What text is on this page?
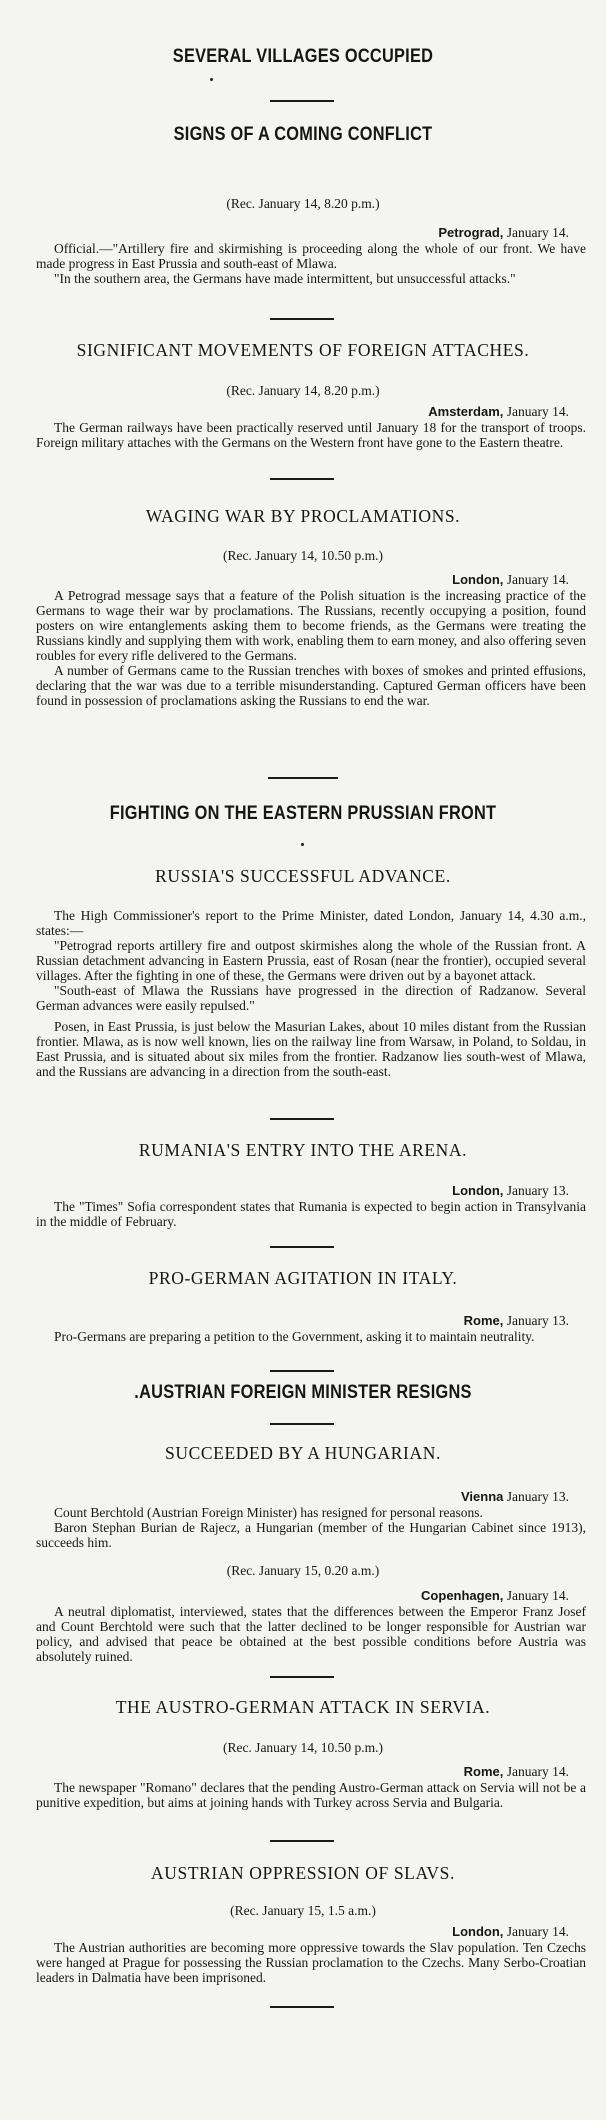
SEVERAL VILLAGES OCCUPIED
SIGNS OF A COMING CONFLICT
(Rec. January 14, 8.20 p.m.)
Petrograd, January 14.

Official.—"Artillery fire and skirmishing is proceeding along the whole of our front. We have made progress in East Prussia and south-east of Mlawa.

"In the southern area, the Germans have made intermittent, but unsuccessful attacks."

SIGNIFICANT MOVEMENTS OF FOREIGN ATTACHES.
(Rec. January 14, 8.20 p.m.)
Amsterdam, January 14.

The German railways have been practically reserved until January 18 for the transport of troops. Foreign military attaches with the Germans on the Western front have gone to the Eastern theatre.

WAGING WAR BY PROCLAMATIONS.
(Rec. January 14, 10.50 p.m.)
London, January 14.

A Petrograd message says that a feature of the Polish situation is the increasing practice of the Germans to wage their war by proclamations. The Russians, recently occupying a position, found posters on wire entanglements asking them to become friends, as the Germans were treating the Russians kindly and supplying them with work, enabling them to earn money, and also offering seven roubles for every rifle delivered to the Germans.

A number of Germans came to the Russian trenches with boxes of smokes and printed effusions, declaring that the war was due to a terrible misunderstanding. Captured German officers have been found in possession of proclamations asking the Russians to end the war.

FIGHTING ON THE EASTERN PRUSSIAN FRONT
RUSSIA'S SUCCESSFUL ADVANCE.

The High Commissioner's report to the Prime Minister, dated London, January 14, 4.30 a.m., states:—

"Petrograd reports artillery fire and outpost skirmishes along the whole of the Russian front. A Russian detachment advancing in Eastern Prussia, east of Rosan (near the frontier), occupied several villages. After the fighting in one of these, the Germans were driven out by a bayonet attack.

"South-east of Mlawa the Russians have progressed in the direction of Radzanow. Several German advances were easily repulsed."

Posen, in East Prussia, is just below the Masurian Lakes, about 10 miles distant from the Russian frontier. Mlawa, as is now well known, lies on the railway line from Warsaw, in Poland, to Soldau, in East Prussia, and is situated about six miles from the frontier. Radzanow lies south-west of Mlawa, and the Russians are advancing in a direction from the south-east.

RUMANIA'S ENTRY INTO THE ARENA.
London, January 13.

The "Times" Sofia correspondent states that Rumania is expected to begin action in Transylvania in the middle of February.

PRO-GERMAN AGITATION IN ITALY.
Rome, January 13.

Pro-Germans are preparing a petition to the Government, asking it to maintain neutrality.

.AUSTRIAN FOREIGN MINISTER RESIGNS
SUCCEEDED BY A HUNGARIAN.
Vienna January 13.

Count Berchtold (Austrian Foreign Minister) has resigned for personal reasons.

Baron Stephan Burian de Rajecz, a Hungarian (member of the Hungarian Cabinet since 1913), succeeds him.

(Rec. January 15, 0.20 a.m.)
Copenhagen, January 14.

A neutral diplomatist, interviewed, states that the differences between the Emperor Franz Josef and Count Berchtold were such that the latter declined to be longer responsible for Austrian war policy, and advised that peace be obtained at the best possible conditions before Austria was absolutely ruined.

THE AUSTRO-GERMAN ATTACK IN SERVIA.
(Rec. January 14, 10.50 p.m.)
Rome, January 14.

The newspaper "Romano" declares that the pending Austro-German attack on Servia will not be a punitive expedition, but aims at joining hands with Turkey across Servia and Bulgaria.

AUSTRIAN OPPRESSION OF SLAVS.
(Rec. January 15, 1.5 a.m.)
London, January 14.

The Austrian authorities are becoming more oppressive towards the Slav population. Ten Czechs were hanged at Prague for possessing the Russian proclamation to the Czechs. Many Serbo-Croatian leaders in Dalmatia have been imprisoned.
